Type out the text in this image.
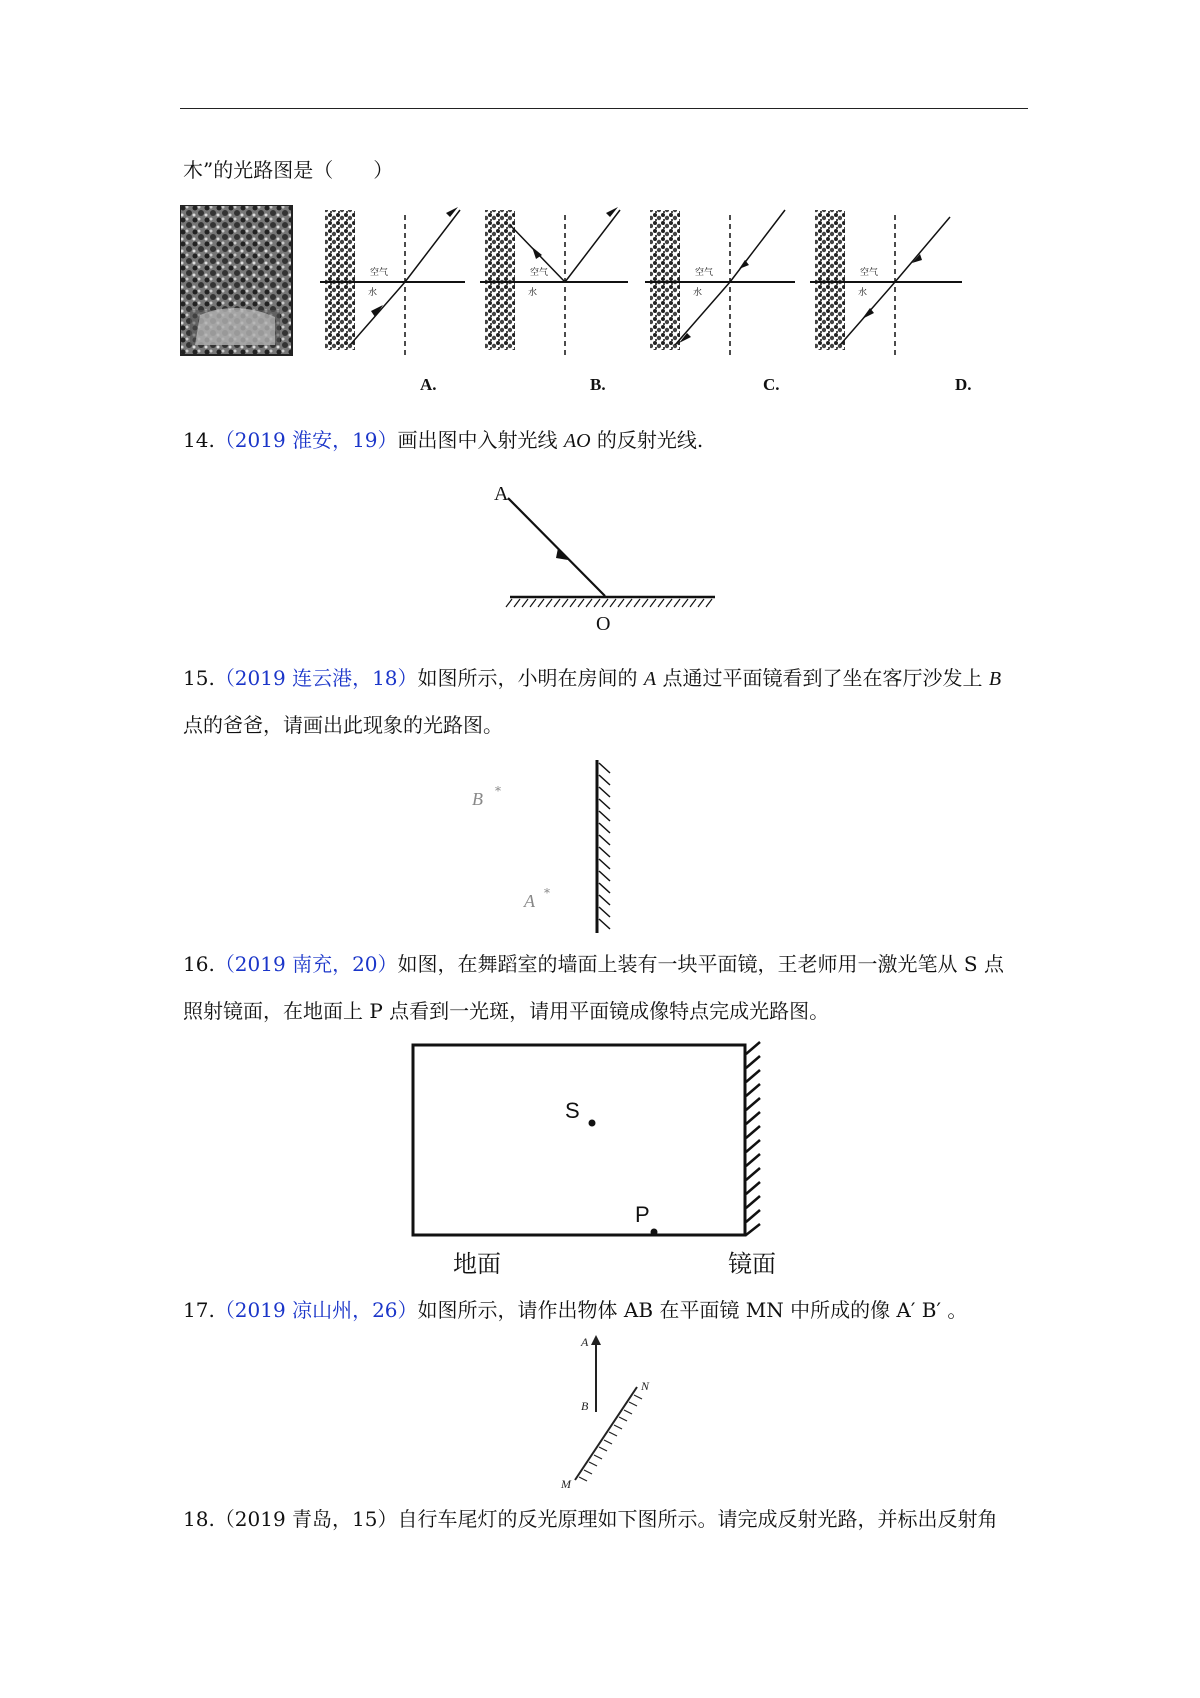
木”的光路图是（　　）
空气
水
空气
水
空气
水
空气
水
A.	B.	C.	D.
14.（2019 淮安，19）画出图中入射光线 AO 的反射光线.
A
O
15.（2019 连云港，18）如图所示，小明在房间的 A 点通过平面镜看到了坐在客厅沙发上 B
点的爸爸，请画出此现象的光路图。
B *
A *
16.（2019 南充，20）如图，在舞蹈室的墙面上装有一块平面镜，王老师用一激光笔从 S 点
照射镜面，在地面上 P 点看到一光斑，请用平面镜成像特点完成光路图。
S
P
地面	镜面
17.（2019 凉山州，26）如图所示，请作出物体 AB 在平面镜 MN 中所成的像 A′ B′ 。
A
B
N
M
18.（2019 青岛，15）自行车尾灯的反光原理如下图所示。请完成反射光路，并标出反射角
